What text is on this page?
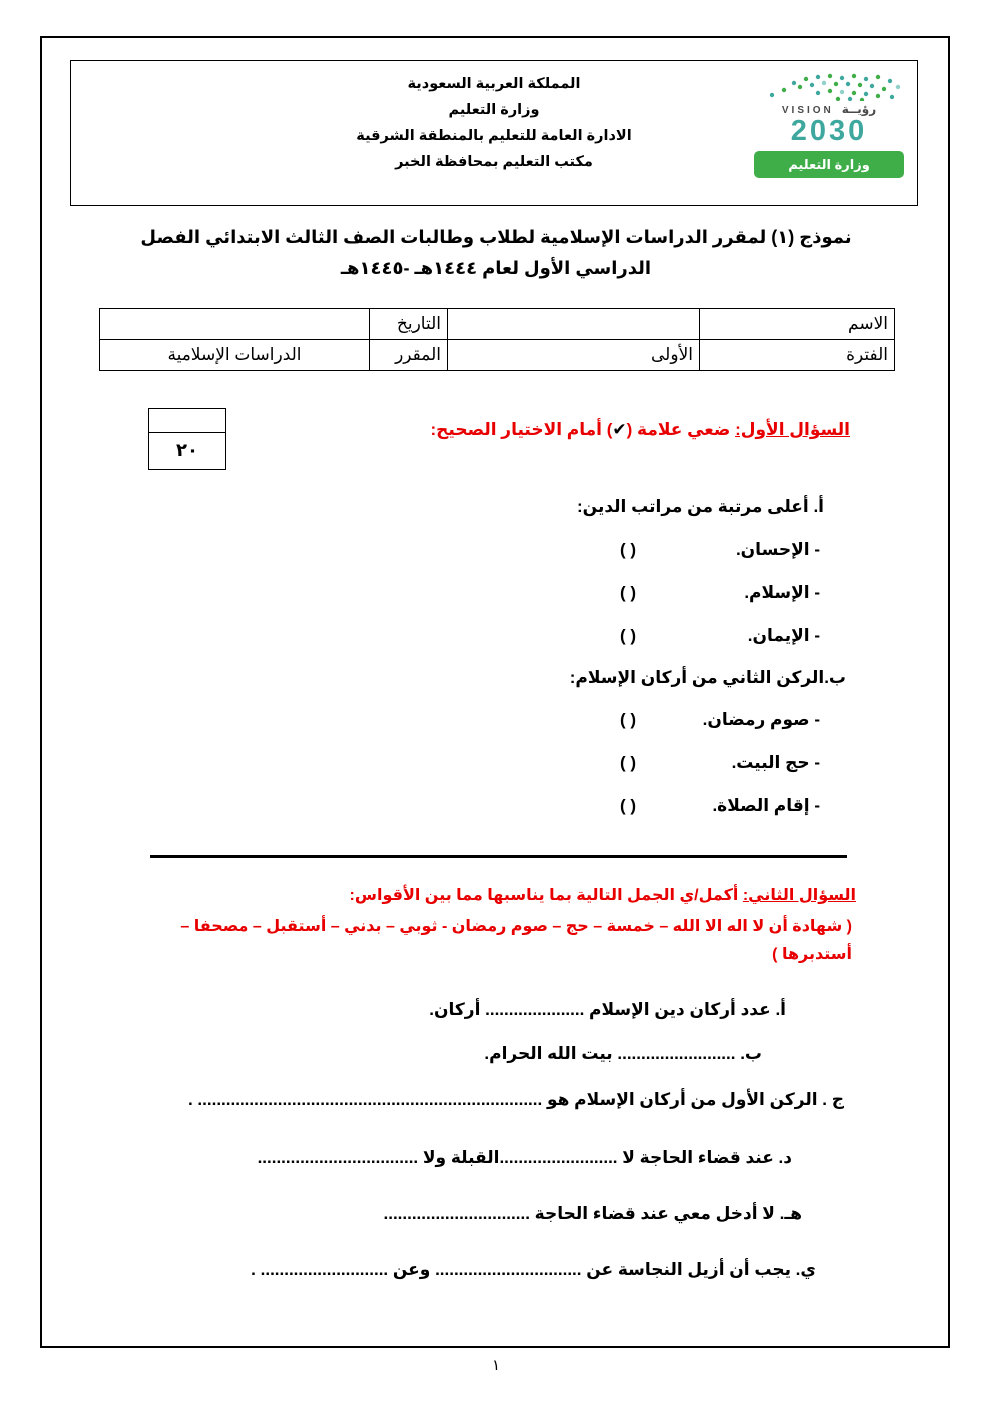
المملكة العربية السعودية
وزارة التعليم
الادارة العامة للتعليم بالمنطقة الشرقية
مكتب التعليم بمحافظة الخبر
رؤيــة
VISION
2030
وزارة التعليم
نموذج (١) لمقرر الدراسات الإسلامية لطلاب وطالبات الصف الثالث الابتدائي الفصل
الدراسي الأول لعام ١٤٤٤هـ -١٤٤٥هـ
الاسم		التاريخ	
الفترة	الأولى	المقرر	الدراسات الإسلامية
٢٠
السؤال الأول: ضعي علامة (✔) أمام الاختيار الصحيح:
أ. أعلى مرتبة من مراتب الدين:
- الإحسان.
( )
- الإسلام.
( )
- الإيمان.
( )
ب.الركن الثاني من أركان الإسلام:
- صوم رمضان.
( )
- حج البيت.
( )
- إقام الصلاة.
( )
السؤال الثاني: أكمل/ي الجمل التالية بما يناسبها مما بين الأقواس:
( شهادة أن لا اله الا الله – خمسة – حج – صوم رمضان - ثوبي – بدني – أستقبل – مصحفا – أستدبرها )
أ. عدد أركان دين الإسلام ..................... أركان.
ب. ......................... بيت الله الحرام.
ج . الركن الأول من أركان الإسلام هو ......................................................................... .
د. عند قضاء الحاجة لا .........................القبلة ولا ..................................
هـ. لا أدخل معي عند قضاء الحاجة ...............................
ي. يجب أن أزيل النجاسة عن ............................... وعن ........................... .
١
